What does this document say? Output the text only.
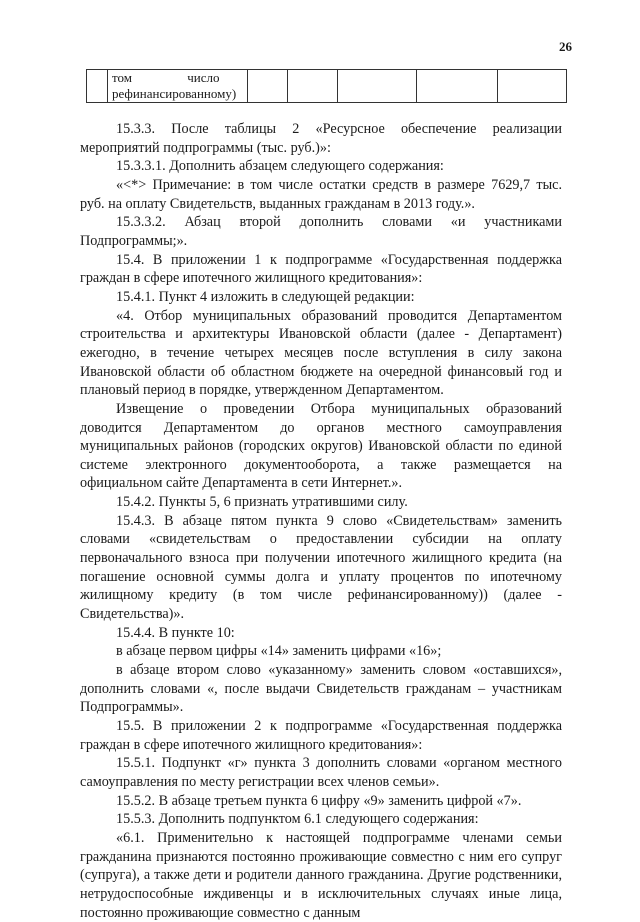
26

том                 число
рефинансированному)

15.3.3. После таблицы 2 «Ресурсное обеспечение реализации мероприятий подпрограммы (тыс. руб.)»:

15.3.3.1. Дополнить абзацем следующего содержания:

«<*> Примечание: в том числе остатки средств в размере 7629,7 тыс. руб. на оплату Свидетельств, выданных гражданам в 2013 году.».

15.3.3.2. Абзац второй дополнить словами «и участниками Подпрограммы;».

15.4. В приложении 1 к подпрограмме «Государственная поддержка граждан в сфере ипотечного жилищного кредитования»:

15.4.1. Пункт 4 изложить в следующей редакции:

«4. Отбор муниципальных образований проводится Департаментом строительства и архитектуры Ивановской области (далее - Департамент) ежегодно, в течение четырех месяцев после вступления в силу закона Ивановской области об областном бюджете на очередной финансовый год и плановый период в порядке, утвержденном Департаментом.

Извещение о проведении Отбора муниципальных образований доводится Департаментом до органов местного самоуправления муниципальных районов (городских округов) Ивановской области по единой системе электронного документооборота, а также размещается на официальном сайте Департамента в сети Интернет.».

15.4.2. Пункты 5, 6 признать утратившими силу.

15.4.3. В абзаце пятом пункта 9 слово «Свидетельствам» заменить словами «свидетельствам о предоставлении субсидии на оплату первоначального взноса при получении ипотечного жилищного кредита (на погашение основной суммы долга и уплату процентов по ипотечному жилищному кредиту (в том числе рефинансированному)) (далее - Свидетельства)».

15.4.4. В пункте 10:

в абзаце первом цифры «14» заменить цифрами «16»;

в абзаце втором слово «указанному» заменить словом «оставшихся», дополнить словами «, после выдачи Свидетельств гражданам – участникам Подпрограммы».

15.5. В приложении 2 к подпрограмме «Государственная поддержка граждан в сфере ипотечного жилищного кредитования»:

15.5.1. Подпункт «г» пункта 3 дополнить словами «органом местного самоуправления по месту регистрации всех членов семьи».

15.5.2. В абзаце третьем пункта 6 цифру «9» заменить цифрой «7».

15.5.3. Дополнить подпунктом 6.1 следующего содержания:

«6.1. Применительно к настоящей подпрограмме членами семьи гражданина признаются постоянно проживающие совместно с ним его супруг (супруга), а также дети и родители данного гражданина. Другие родственники, нетрудоспособные иждивенцы и в исключительных случаях иные лица, постоянно проживающие совместно с данным
